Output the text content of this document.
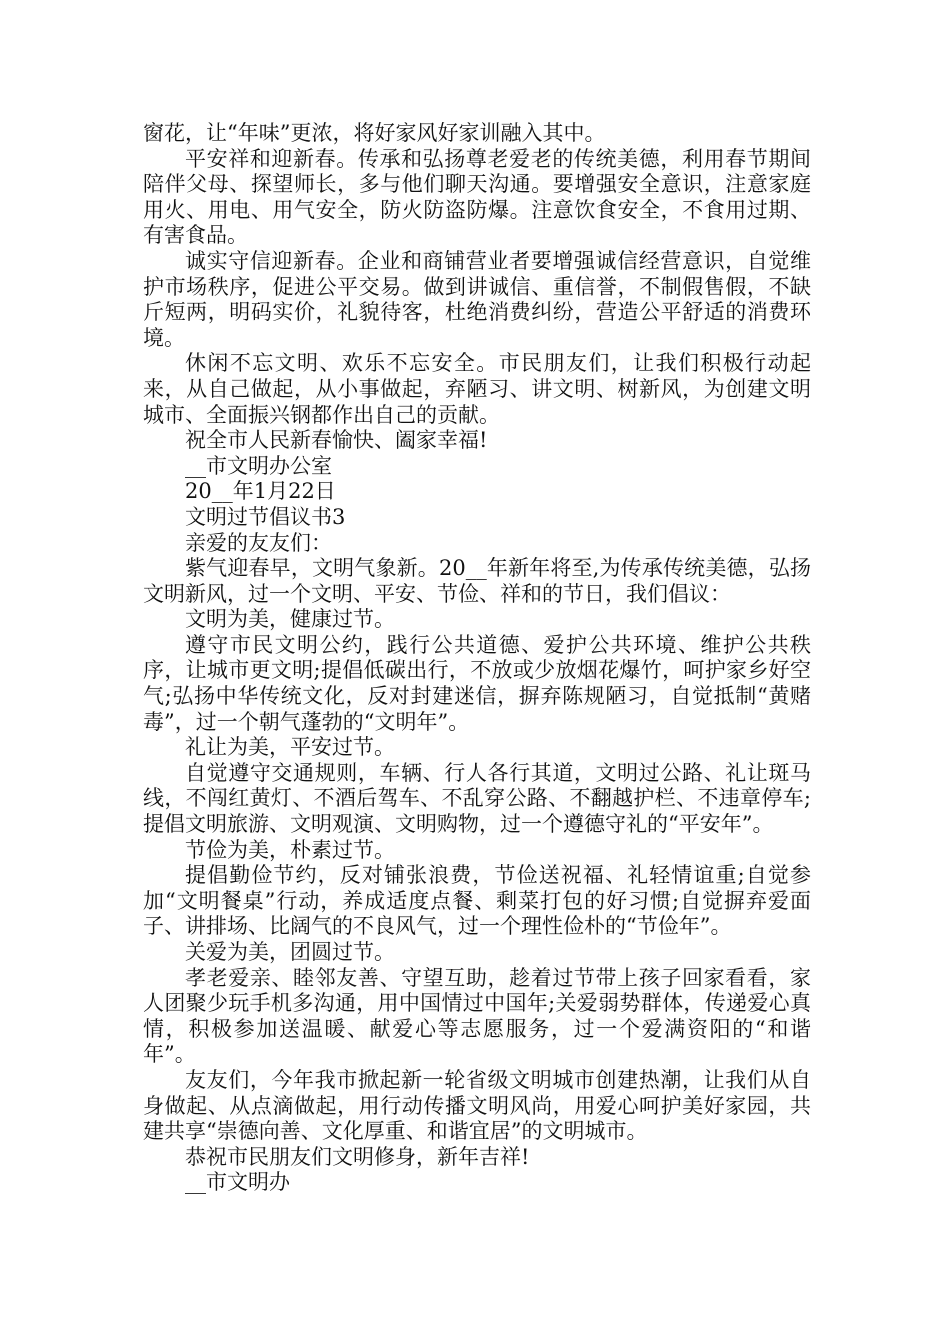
窗花，让“年味”更浓，将好家风好家训融入其中。

平安祥和迎新春。传承和弘扬尊老爱老的传统美德，利用春节期间陪伴父母、探望师长，多与他们聊天沟通。要增强安全意识，注意家庭用火、用电、用气安全，防火防盗防爆。注意饮食安全，不食用过期、有害食品。

诚实守信迎新春。企业和商铺营业者要增强诚信经营意识，自觉维护市场秩序，促进公平交易。做到讲诚信、重信誉，不制假售假，不缺斤短两，明码实价，礼貌待客，杜绝消费纠纷，营造公平舒适的消费环境。

休闲不忘文明、欢乐不忘安全。市民朋友们，让我们积极行动起来，从自己做起，从小事做起，弃陋习、讲文明、树新风，为创建文明城市、全面振兴钢都作出自己的贡献。

祝全市人民新春愉快、阖家幸福!

__市文明办公室

20__年1月22日

文明过节倡议书3

亲爱的友友们：

紫气迎春早，文明气象新。20__年新年将至,为传承传统美德，弘扬文明新风，过一个文明、平安、节俭、祥和的节日，我们倡议：

文明为美，健康过节。

遵守市民文明公约，践行公共道德、爱护公共环境、维护公共秩序，让城市更文明;提倡低碳出行，不放或少放烟花爆竹，呵护家乡好空气;弘扬中华传统文化，反对封建迷信，摒弃陈规陋习，自觉抵制“黄赌毒”，过一个朝气蓬勃的“文明年”。

礼让为美，平安过节。

自觉遵守交通规则，车辆、行人各行其道，文明过公路、礼让斑马线，不闯红黄灯、不酒后驾车、不乱穿公路、不翻越护栏、不违章停车;提倡文明旅游、文明观演、文明购物，过一个遵德守礼的“平安年”。

节俭为美，朴素过节。

提倡勤俭节约，反对铺张浪费，节俭送祝福、礼轻情谊重;自觉参加“文明餐桌”行动，养成适度点餐、剩菜打包的好习惯;自觉摒弃爱面子、讲排场、比阔气的不良风气，过一个理性俭朴的“节俭年”。

关爱为美，团圆过节。

孝老爱亲、睦邻友善、守望互助，趁着过节带上孩子回家看看，家人团聚少玩手机多沟通，用中国情过中国年;关爱弱势群体，传递爱心真情，积极参加送温暖、献爱心等志愿服务，过一个爱满资阳的“和谐年”。

友友们，今年我市掀起新一轮省级文明城市创建热潮，让我们从自身做起、从点滴做起，用行动传播文明风尚，用爱心呵护美好家园，共建共享“崇德向善、文化厚重、和谐宜居”的文明城市。

恭祝市民朋友们文明修身，新年吉祥!

__市文明办
